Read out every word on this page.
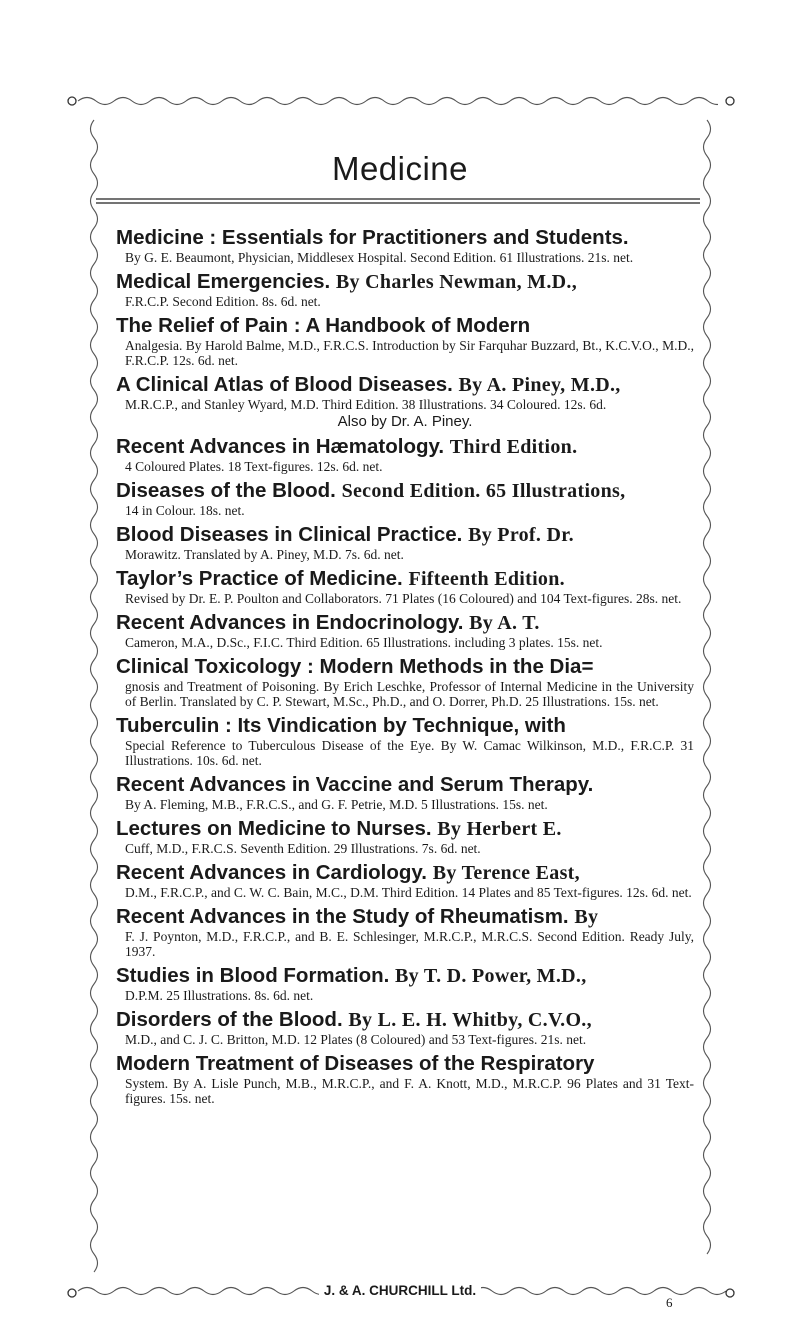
Medicine
Medicine : Essentials for Practitioners and Students.
By G. E. Beaumont, Physician, Middlesex Hospital. Second Edition. 61 Illustrations. 21s. net.
Medical Emergencies. By Charles Newman, M.D.,
F.R.C.P. Second Edition. 8s. 6d. net.
The Relief of Pain : A Handbook of Modern
Analgesia. By Harold Balme, M.D., F.R.C.S. Introduction by Sir Farquhar Buzzard, Bt., K.C.V.O., M.D., F.R.C.P. 12s. 6d. net.
A Clinical Atlas of Blood Diseases. By A. Piney, M.D.,
M.R.C.P., and Stanley Wyard, M.D. Third Edition. 38 Illustrations. 34 Coloured. 12s. 6d.
Also by Dr. A. Piney.
Recent Advances in Hæmatology. Third Edition.
4 Coloured Plates. 18 Text-figures. 12s. 6d. net.
Diseases of the Blood. Second Edition. 65 Illustrations,
14 in Colour. 18s. net.
Blood Diseases in Clinical Practice. By Prof. Dr.
Morawitz. Translated by A. Piney, M.D. 7s. 6d. net.
Taylor’s Practice of Medicine. Fifteenth Edition.
Revised by Dr. E. P. Poulton and Collaborators. 71 Plates (16 Coloured) and 104 Text-figures. 28s. net.
Recent Advances in Endocrinology. By A. T.
Cameron, M.A., D.Sc., F.I.C. Third Edition. 65 Illustrations. including 3 plates. 15s. net.
Clinical Toxicology : Modern Methods in the Dia=
gnosis and Treatment of Poisoning. By Erich Leschke, Professor of Internal Medicine in the University of Berlin. Translated by C. P. Stewart, M.Sc., Ph.D., and O. Dorrer, Ph.D. 25 Illustrations. 15s. net.
Tuberculin : Its Vindication by Technique, with
Special Reference to Tuberculous Disease of the Eye. By W. Camac Wilkinson, M.D., F.R.C.P. 31 Illustrations. 10s. 6d. net.
Recent Advances in Vaccine and Serum Therapy.
By A. Fleming, M.B., F.R.C.S., and G. F. Petrie, M.D. 5 Illustrations. 15s. net.
Lectures on Medicine to Nurses. By Herbert E.
Cuff, M.D., F.R.C.S. Seventh Edition. 29 Illustrations. 7s. 6d. net.
Recent Advances in Cardiology. By Terence East,
D.M., F.R.C.P., and C. W. C. Bain, M.C., D.M. Third Edition. 14 Plates and 85 Text-figures. 12s. 6d. net.
Recent Advances in the Study of Rheumatism. By
F. J. Poynton, M.D., F.R.C.P., and B. E. Schlesinger, M.R.C.P., M.R.C.S. Second Edition. Ready July, 1937.
Studies in Blood Formation. By T. D. Power, M.D.,
D.P.M. 25 Illustrations. 8s. 6d. net.
Disorders of the Blood. By L. E. H. Whitby, C.V.O.,
M.D., and C. J. C. Britton, M.D. 12 Plates (8 Coloured) and 53 Text-figures. 21s. net.
Modern Treatment of Diseases of the Respiratory
System. By A. Lisle Punch, M.B., M.R.C.P., and F. A. Knott, M.D., M.R.C.P. 96 Plates and 31 Text-figures. 15s. net.
J. & A. CHURCHILL Ltd.
6
